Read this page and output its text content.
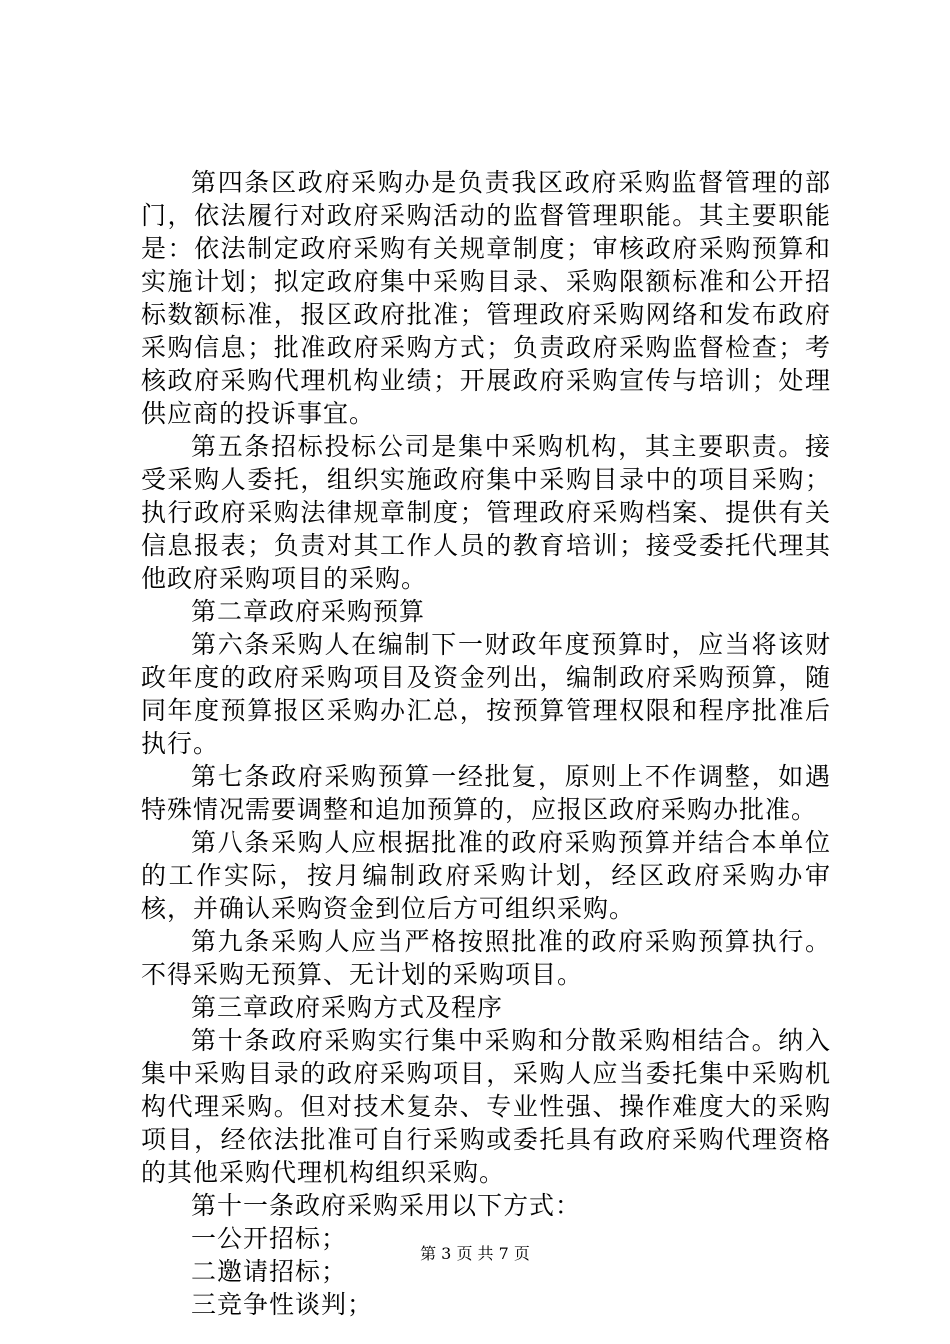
第四条区政府采购办是负责我区政府采购监督管理的部门，依法履行对政府采购活动的监督管理职能。其主要职能是：依法制定政府采购有关规章制度；审核政府采购预算和实施计划；拟定政府集中采购目录、采购限额标准和公开招标数额标准，报区政府批准；管理政府采购网络和发布政府采购信息；批准政府采购方式；负责政府采购监督检查；考核政府采购代理机构业绩；开展政府采购宣传与培训；处理供应商的投诉事宜。

第五条招标投标公司是集中采购机构，其主要职责。接受采购人委托，组织实施政府集中采购目录中的项目采购；执行政府采购法律规章制度；管理政府采购档案、提供有关信息报表；负责对其工作人员的教育培训；接受委托代理其他政府采购项目的采购。

第二章政府采购预算

第六条采购人在编制下一财政年度预算时，应当将该财政年度的政府采购项目及资金列出，编制政府采购预算，随同年度预算报区采购办汇总，按预算管理权限和程序批准后执行。

第七条政府采购预算一经批复，原则上不作调整，如遇特殊情况需要调整和追加预算的，应报区政府采购办批准。

第八条采购人应根据批准的政府采购预算并结合本单位的工作实际，按月编制政府采购计划，经区政府采购办审核，并确认采购资金到位后方可组织采购。

第九条采购人应当严格按照批准的政府采购预算执行。不得采购无预算、无计划的采购项目。

第三章政府采购方式及程序

第十条政府采购实行集中采购和分散采购相结合。纳入集中采购目录的政府采购项目，采购人应当委托集中采购机构代理采购。但对技术复杂、专业性强、操作难度大的采购项目，经依法批准可自行采购或委托具有政府采购代理资格的其他采购代理机构组织采购。

第十一条政府采购采用以下方式：

一公开招标；

二邀请招标；

三竞争性谈判；

第 3 页 共 7 页
